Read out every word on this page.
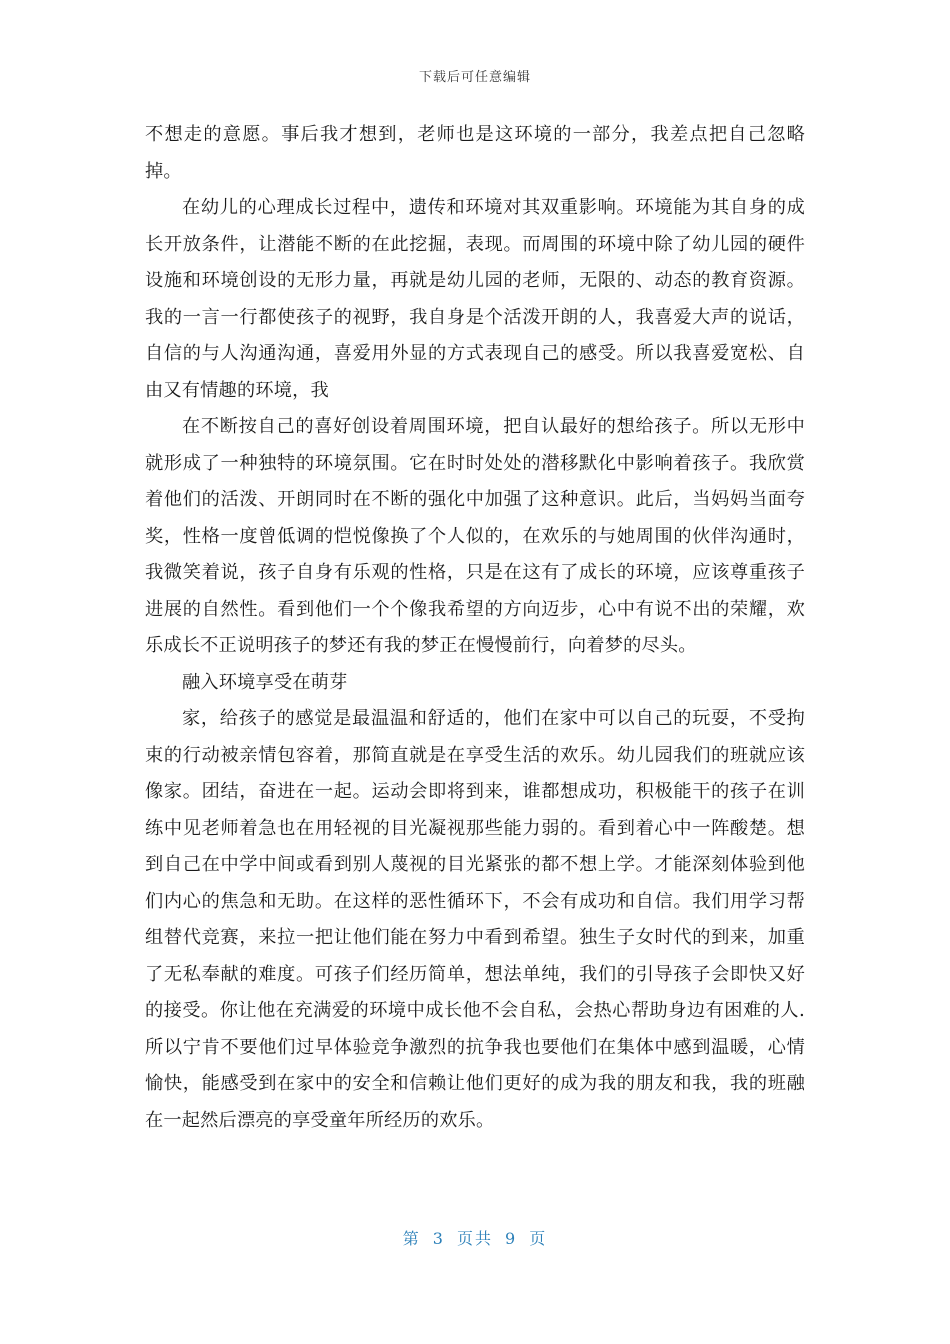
下载后可任意编辑

不想走的意愿。事后我才想到，老师也是这环境的一部分，我差点把自己忽略掉。

在幼儿的心理成长过程中，遗传和环境对其双重影响。环境能为其自身的成长开放条件，让潜能不断的在此挖掘，表现。而周围的环境中除了幼儿园的硬件设施和环境创设的无形力量，再就是幼儿园的老师，无限的、动态的教育资源。我的一言一行都使孩子的视野，我自身是个活泼开朗的人，我喜爱大声的说话，自信的与人沟通沟通，喜爱用外显的方式表现自己的感受。所以我喜爱宽松、自由又有情趣的环境，我

在不断按自己的喜好创设着周围环境，把自认最好的想给孩子。所以无形中就形成了一种独特的环境氛围。它在时时处处的潜移默化中影响着孩子。我欣赏着他们的活泼、开朗同时在不断的强化中加强了这种意识。此后，当妈妈当面夸奖，性格一度曾低调的恺悦像换了个人似的，在欢乐的与她周围的伙伴沟通时，我微笑着说，孩子自身有乐观的性格，只是在这有了成长的环境，应该尊重孩子进展的自然性。看到他们一个个像我希望的方向迈步，心中有说不出的荣耀，欢乐成长不正说明孩子的梦还有我的梦正在慢慢前行，向着梦的尽头。

融入环境享受在萌芽

家，给孩子的感觉是最温温和舒适的，他们在家中可以自己的玩耍，不受拘束的行动被亲情包容着，那简直就是在享受生活的欢乐。幼儿园我们的班就应该像家。团结，奋进在一起。运动会即将到来，谁都想成功，积极能干的孩子在训练中见老师着急也在用轻视的目光凝视那些能力弱的。看到着心中一阵酸楚。想到自己在中学中间或看到别人蔑视的目光紧张的都不想上学。才能深刻体验到他们内心的焦急和无助。在这样的恶性循环下，不会有成功和自信。我们用学习帮组替代竞赛，来拉一把让他们能在努力中看到希望。独生子女时代的到来，加重了无私奉献的难度。可孩子们经历简单，想法单纯，我们的引导孩子会即快又好的接受。你让他在充满爱的环境中成长他不会自私，会热心帮助身边有困难的人.所以宁肯不要他们过早体验竞争激烈的抗争我也要他们在集体中感到温暖，心情愉快，能感受到在家中的安全和信赖让他们更好的成为我的朋友和我，我的班融在一起然后漂亮的享受童年所经历的欢乐。

第 3 页共 9 页
